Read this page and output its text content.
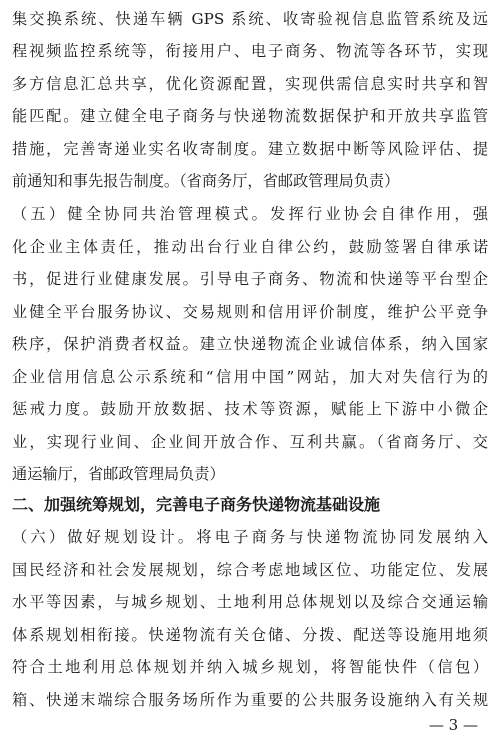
集交换系统、快递车辆 GPS 系统、收寄验视信息监管系统及远
程视频监控系统等，衔接用户、电子商务、物流等各环节，实现
多方信息汇总共享，优化资源配置，实现供需信息实时共享和智
能匹配。建立健全电子商务与快递物流数据保护和开放共享监管
措施，完善寄递业实名收寄制度。建立数据中断等风险评估、提
前通知和事先报告制度。（省商务厅，省邮政管理局负责）
（五）健全协同共治管理模式。发挥行业协会自律作用，强
化企业主体责任，推动出台行业自律公约，鼓励签署自律承诺
书，促进行业健康发展。引导电子商务、物流和快递等平台型企
业健全平台服务协议、交易规则和信用评价制度，维护公平竞争
秩序，保护消费者权益。建立快递物流企业诚信体系，纳入国家
企业信用信息公示系统和“信用中国”网站，加大对失信行为的
惩戒力度。鼓励开放数据、技术等资源，赋能上下游中小微企
业，实现行业间、企业间开放合作、互利共赢。（省商务厅、交
通运输厅，省邮政管理局负责）
二、加强统筹规划，完善电子商务快递物流基础设施
（六）做好规划设计。将电子商务与快递物流协同发展纳入
国民经济和社会发展规划，综合考虑地域区位、功能定位、发展
水平等因素，与城乡规划、土地利用总体规划以及综合交通运输
体系规划相衔接。快递物流有关仓储、分拨、配送等设施用地须
符合土地利用总体规划并纳入城乡规划，将智能快件（信包）
箱、快递末端综合服务场所作为重要的公共服务设施纳入有关规
— 3 —
